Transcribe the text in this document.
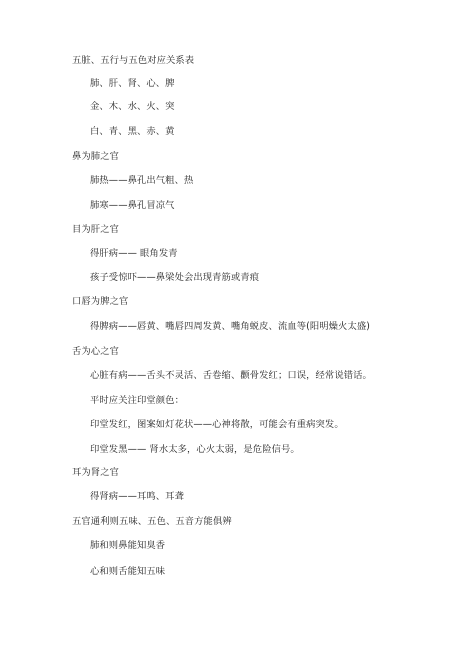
五脏、五行与五色对应关系表
肺、肝、肾、心、脾
金、木、水、火、突
白、青、黑、赤、黄
鼻为肺之官
肺热——鼻孔出气粗、热
肺寒——鼻孔冒凉气
目为肝之官
得肝病—— 眼角发青
孩子受惊吓——鼻梁处会出现青筋或青痕
口唇为脾之官
得脾病——唇黄、嘴唇四周发黄、嘴角蜕皮、流血等(阳明燥火太盛)
舌为心之官
心脏有病——舌头不灵活、舌卷缩、颧骨发红；口误，经常说错话。
平时应关注印堂颜色：
印堂发红，图案如灯花状——心神将散，可能会有重病突发。
印堂发黑—— 肾水太多，心火太弱，是危险信号。
耳为肾之官
得肾病——耳鸣、耳聋
五官通利则五味、五色、五音方能俱辨
肺和则鼻能知臭香
心和则舌能知五味
